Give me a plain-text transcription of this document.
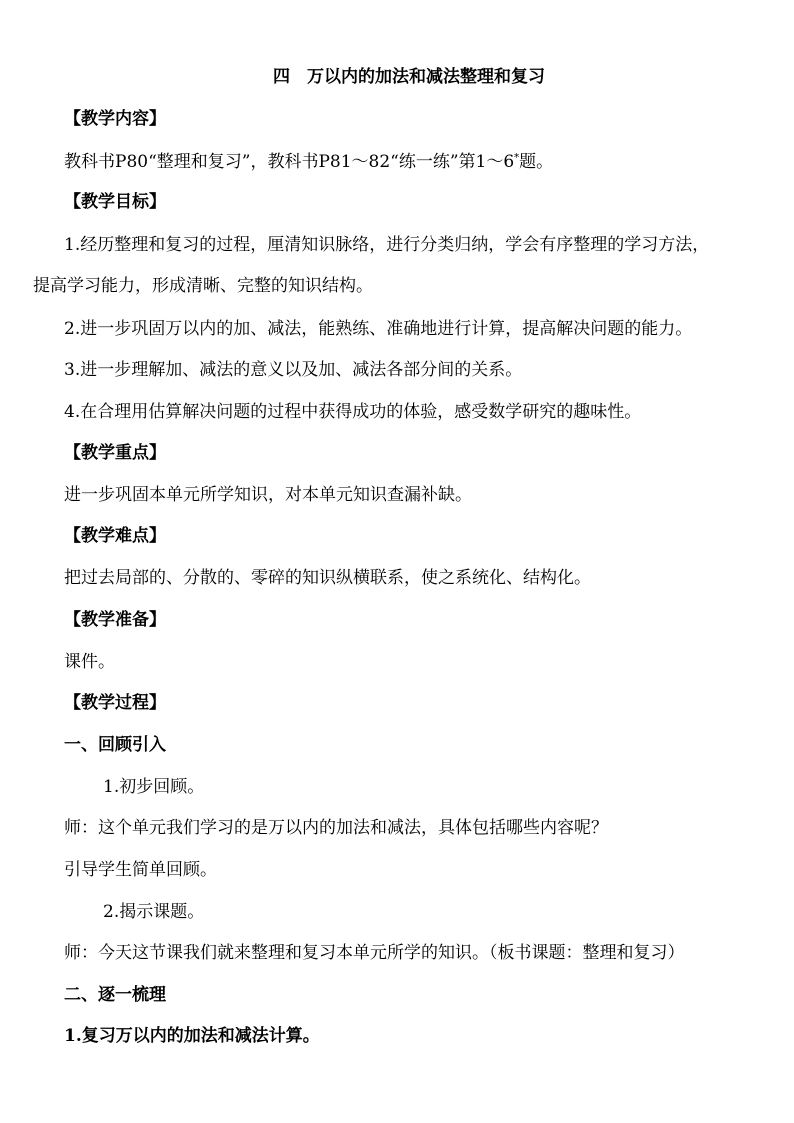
四　万以内的加法和减法整理和复习
【教学内容】
教科书P80“整理和复习”，教科书P81～82“练一练”第1～6*题。
【教学目标】
1.经历整理和复习的过程，厘清知识脉络，进行分类归纳，学会有序整理的学习方法，
提高学习能力，形成清晰、完整的知识结构。
2.进一步巩固万以内的加、减法，能熟练、准确地进行计算，提高解决问题的能力。
3.进一步理解加、减法的意义以及加、减法各部分间的关系。
4.在合理用估算解决问题的过程中获得成功的体验，感受数学研究的趣味性。
【教学重点】
进一步巩固本单元所学知识，对本单元知识查漏补缺。
【教学难点】
把过去局部的、分散的、零碎的知识纵横联系，使之系统化、结构化。
【教学准备】
课件。
【教学过程】
一、回顾引入
1.初步回顾。
师：这个单元我们学习的是万以内的加法和减法，具体包括哪些内容呢？
引导学生简单回顾。
2.揭示课题。
师：今天这节课我们就来整理和复习本单元所学的知识。（板书课题：整理和复习）
二、逐一梳理
1.复习万以内的加法和减法计算。
